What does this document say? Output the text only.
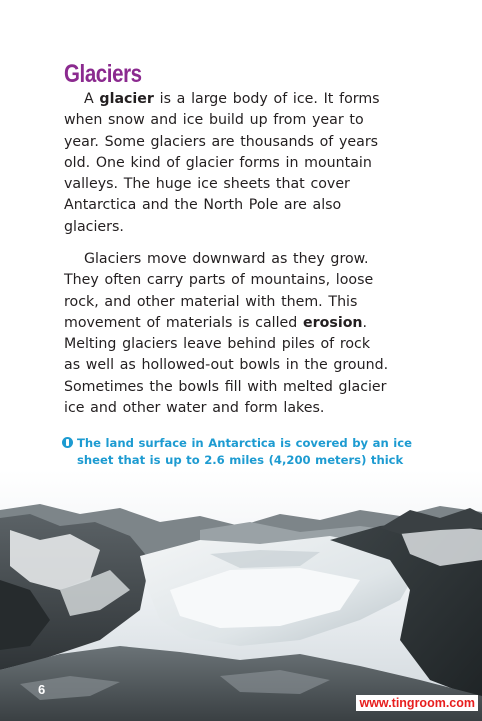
Glaciers
A glacier is a large body of ice. It forms
when snow and ice build up from year to
year. Some glaciers are thousands of years
old. One kind of glacier forms in mountain
valleys. The huge ice sheets that cover
Antarctica and the North Pole are also
glaciers.
Glaciers move downward as they grow.
They often carry parts of mountains, loose
rock, and other material with them. This
movement of materials is called erosion.
Melting glaciers leave behind piles of rock
as well as hollowed-out bowls in the ground.
Sometimes the bowls fill with melted glacier
ice and other water and form lakes.
The land surface in Antarctica is covered by an ice
sheet that is up to 2.6 miles (4,200 meters) thick
6
www.tingroom.com
